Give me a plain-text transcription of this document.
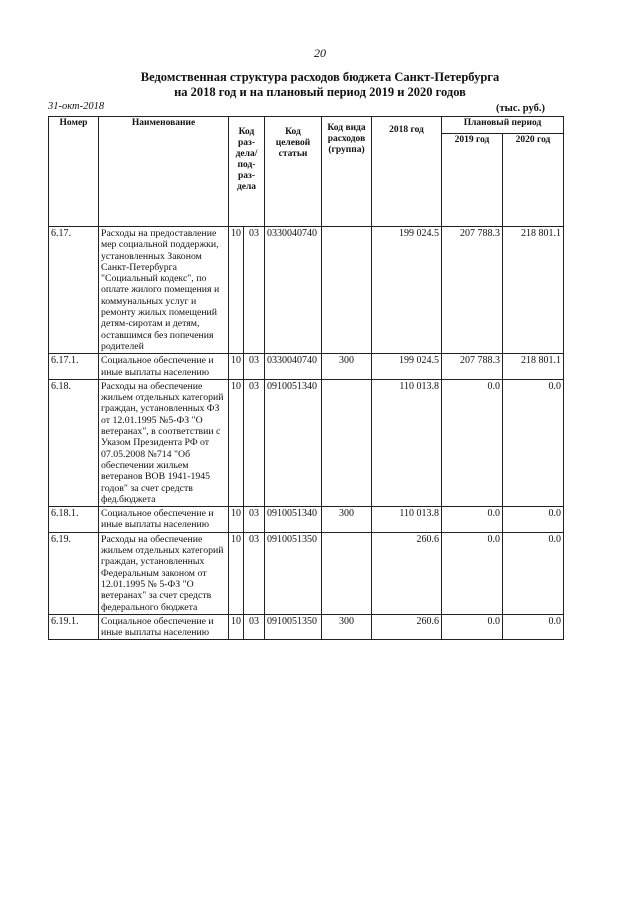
20
Ведомственная структура расходов бюджета Санкт-Петербурга
на 2018 год и на плановый период 2019 и 2020 годов
31-окт-2018	(тыс. руб.)
Номер	Наименование	Код раз- дела/ под- раз- дела		Код целевой статьи	Код вида расходов (группа)	2018 год	Плановый период	
							2019 год	2020 год
6.17.	Расходы на предоставление мер социальной поддержки, установленных Законом Санкт-Петербурга "Социальный кодекс", по оплате жилого помещения и коммунальных услуг и ремонту жилых помещений детям-сиротам и детям, оставшимся без попечения родителей	10	03	0330040740		199 024.5	207 788.3	218 801.1
6.17.1.	Социальное обеспечение и иные выплаты населению	10	03	0330040740	300	199 024.5	207 788.3	218 801.1
6.18.	Расходы на обеспечение жильем отдельных категорий граждан, установленных ФЗ от 12.01.1995 №5-ФЗ "О ветеранах", в соответствии с Указом Президента РФ от 07.05.2008 №714 "Об обеспечении жильем ветеранов ВОВ 1941-1945 годов" за счет средств фед.бюджета	10	03	0910051340		110 013.8	0.0	0.0
6.18.1.	Социальное обеспечение и иные выплаты населению	10	03	0910051340	300	110 013.8	0.0	0.0
6.19.	Расходы на обеспечение жильем отдельных категорий граждан, установленных Федеральным законом от 12.01.1995 № 5-ФЗ "О ветеранах" за счет средств федерального бюджета	10	03	0910051350		260.6	0.0	0.0
6.19.1.	Социальное обеспечение и иные выплаты населению	10	03	0910051350	300	260.6	0.0	0.0
